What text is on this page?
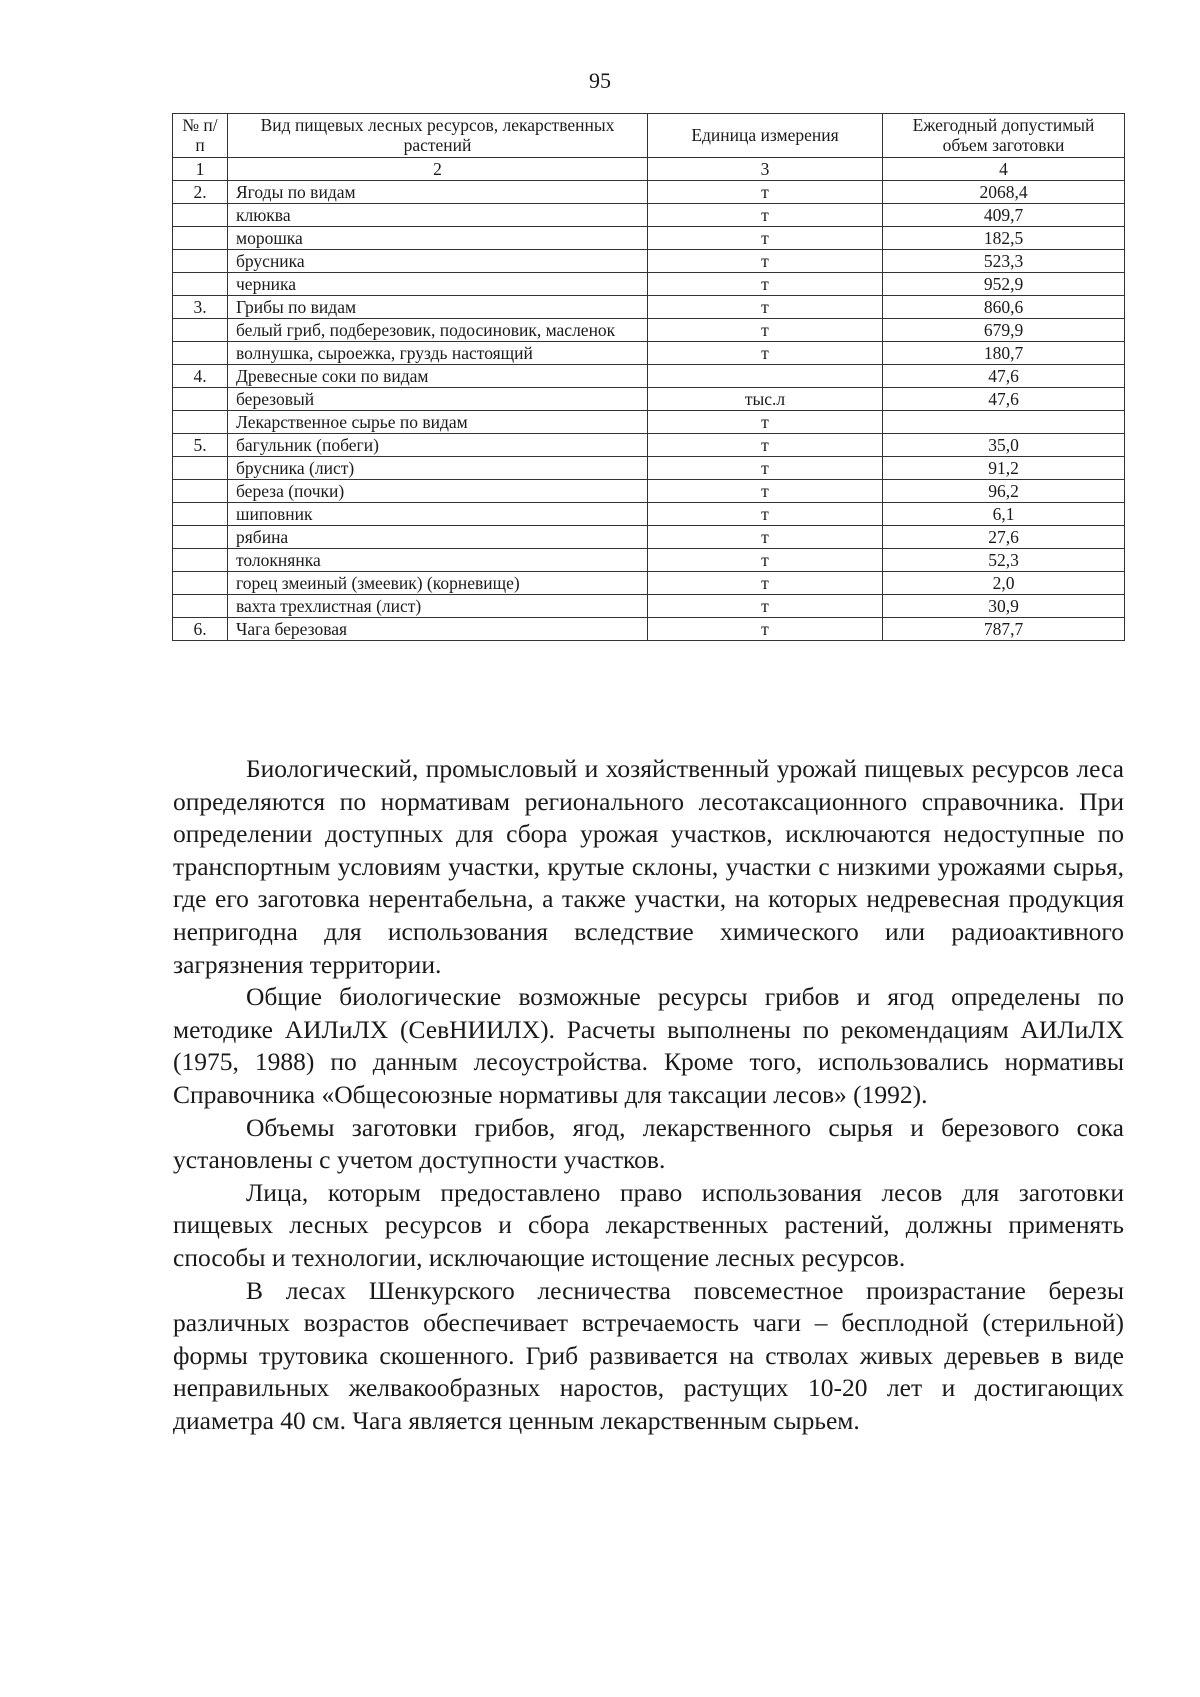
95
№ п/п	Вид пищевых лесных ресурсов, лекарственных растений	Единица измерения	Ежегодный допустимый объем заготовки
1	2	3	4
2.	Ягоды по видам	т	2068,4
	клюква	т	409,7
	морошка	т	182,5
	брусника	т	523,3
	черника	т	952,9
3.	Грибы по видам	т	860,6
	белый гриб, подберезовик, подосиновик, масленок	т	679,9
	волнушка, сыроежка, груздь настоящий	т	180,7
4.	Древесные соки по видам		47,6
	березовый	тыс.л	47,6
	Лекарственное сырье по видам	т	
5.	багульник (побеги)	т	35,0
	брусника (лист)	т	91,2
	береза (почки)	т	96,2
	шиповник	т	6,1
	рябина	т	27,6
	толокнянка	т	52,3
	горец змеиный (змеевик) (корневище)	т	2,0
	вахта трехлистная (лист)	т	30,9
6.	Чага березовая	т	787,7

Биологический, промысловый и хозяйственный урожай пищевых ресурсов леса определяются по нормативам регионального лесотаксационного справочника. При определении доступных для сбора урожая участков, исключаются недоступные по транспортным условиям участки, крутые склоны, участки с низкими урожаями сырья, где его заготовка нерентабельна, а также участки, на которых недревесная продукция непригодна для использования вследствие химического или радиоактивного загрязнения территории.

Общие биологические возможные ресурсы грибов и ягод определены по методике АИЛиЛХ (СевНИИЛХ). Расчеты выполнены по рекомендациям АИЛиЛХ (1975, 1988) по данным лесоустройства. Кроме того, использовались нормативы Справочника «Общесоюзные нормативы для таксации лесов» (1992).

Объемы заготовки грибов, ягод, лекарственного сырья и березового сока установлены с учетом доступности участков.

Лица, которым предоставлено право использования лесов для заготовки пищевых лесных ресурсов и сбора лекарственных растений, должны применять способы и технологии, исключающие истощение лесных ресурсов.

В лесах Шенкурского лесничества повсеместное произрастание березы различных возрастов обеспечивает встречаемость чаги – бесплодной (стерильной) формы трутовика скошенного. Гриб развивается на стволах живых деревьев в виде неправильных желвакообразных наростов, растущих 10-20 лет и достигающих диаметра 40 см. Чага является ценным лекарственным сырьем.
